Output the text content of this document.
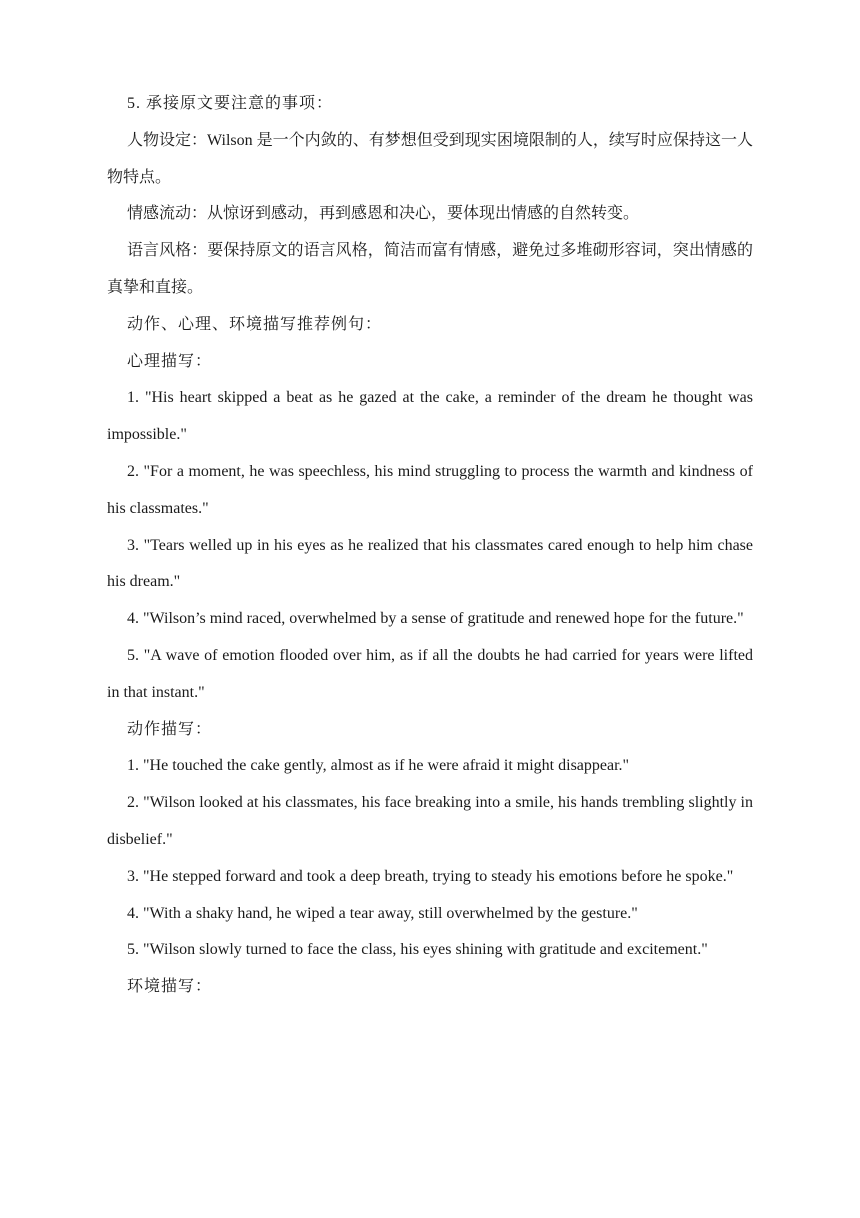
5. 承接原文要注意的事项：

人物设定：Wilson 是一个内敛的、有梦想但受到现实困境限制的人，续写时应保持这一人物特点。

情感流动：从惊讶到感动，再到感恩和决心，要体现出情感的自然转变。

语言风格：要保持原文的语言风格，简洁而富有情感，避免过多堆砌形容词，突出情感的真挚和直接。

动作、心理、环境描写推荐例句：

心理描写：

1. "His heart skipped a beat as he gazed at the cake, a reminder of the dream he thought was impossible."

2. "For a moment, he was speechless, his mind struggling to process the warmth and kindness of his classmates."

3. "Tears welled up in his eyes as he realized that his classmates cared enough to help him chase his dream."

4. "Wilson’s mind raced, overwhelmed by a sense of gratitude and renewed hope for the future."

5. "A wave of emotion flooded over him, as if all the doubts he had carried for years were lifted in that instant."

动作描写：

1. "He touched the cake gently, almost as if he were afraid it might disappear."

2. "Wilson looked at his classmates, his face breaking into a smile, his hands trembling slightly in disbelief."

3. "He stepped forward and took a deep breath, trying to steady his emotions before he spoke."

4. "With a shaky hand, he wiped a tear away, still overwhelmed by the gesture."

5. "Wilson slowly turned to face the class, his eyes shining with gratitude and excitement."

环境描写：
